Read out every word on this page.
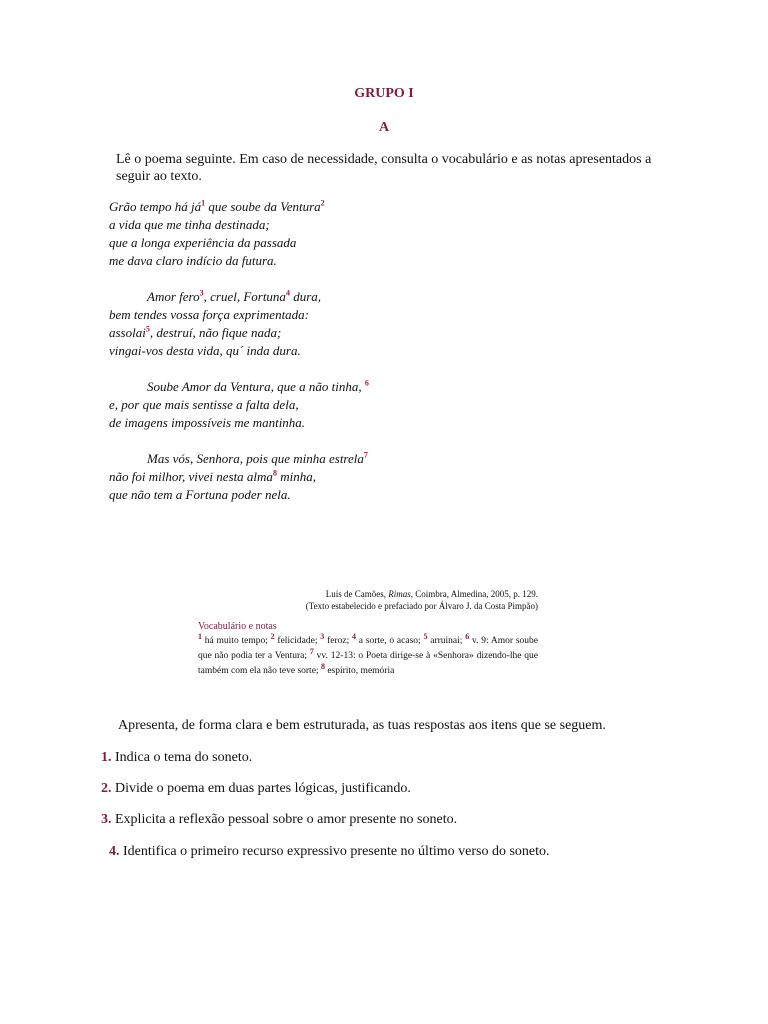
GRUPO I
A
Lê o poema seguinte. Em caso de necessidade, consulta o vocabulário e as notas apresentados a seguir ao texto.
Grão tempo há $já^1$ que soube da Ventura$^2$
a vida que me tinha destinada;
que a longa experiência da passada
me dava claro indício da futura.
Amor fero$^3$, cruel, Fortuna$^4$ dura,
bem tendes vossa força exprimentada:
assolai$^5$, destruí, não fique nada;
vingai-vos desta vida, qu´ inda dura.
Soube Amor da Ventura, que a não tinha, $^6$
e, por que mais sentisse a falta dela,
de imagens impossíveis me mantinha.
Mas vós, Senhora, pois que minha estrela$^7$
não foi milhor, vivei nesta alma$^8$ minha,
que não tem a Fortuna poder nela.
Luís de Camões, Rimas, Coimbra, Almedina, 2005, p. 129.
(Texto estabelecido e prefaciado por Álvaro J. da Costa Pimpão)
Vocabulário e notas
$^1$ há muito tempo; $^2$ felicidade; $^3$ feroz; $^4$ a sorte, o acaso; $^5$ arruinai; $^6$ v. 9: Amor soube que não podia ter a Ventura; $^7$ vv. 12-13: o Poeta dirige-se à «Senhora» dizendo-lhe que também com ela não teve sorte; $^8$ espírito, memória
Apresenta, de forma clara e bem estruturada, as tuas respostas aos itens que se seguem.
1. Indica o tema do soneto.
2. Divide o poema em duas partes lógicas, justificando.
3. Explicita a reflexão pessoal sobre o amor presente no soneto.
4. Identifica o primeiro recurso expressivo presente no último verso do soneto.
